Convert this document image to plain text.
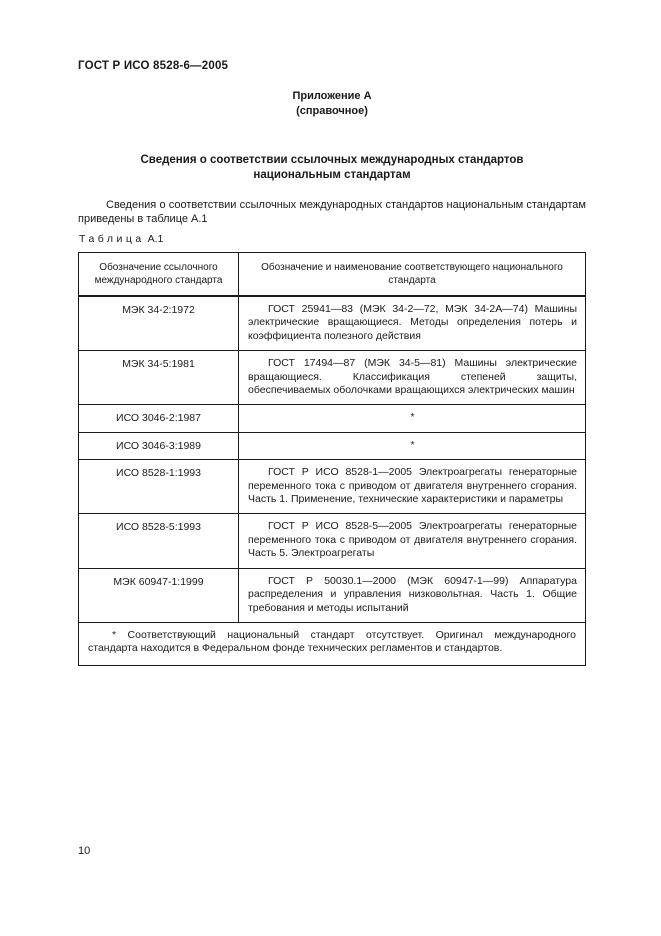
ГОСТ Р ИСО 8528-6—2005
Приложение А
(справочное)
Сведения о соответствии ссылочных международных стандартов
национальным стандартам

Сведения о соответствии ссылочных международных стандартов национальным стандартам приведены в таблице А.1

Таблица А.1
Обозначение ссылочного международного стандарта	Обозначение и наименование соответствующего национального стандарта
МЭК 34-2:1972	ГОСТ 25941—83 (МЭК 34-2—72, МЭК 34-2А—74) Машины электрические вращающиеся. Методы определения потерь и коэффициента полезного действия
МЭК 34-5:1981	ГОСТ 17494—87 (МЭК 34-5—81) Машины электрические вращающиеся. Классификация степеней защиты, обеспечиваемых оболочками вращающихся электрических машин
ИСО 3046-2:1987	*
ИСО 3046-3:1989	*
ИСО 8528-1:1993	ГОСТ Р ИСО 8528-1—2005 Электроагрегаты генераторные переменного тока с приводом от двигателя внутреннего сгорания. Часть 1. Применение, технические характеристики и параметры
ИСО 8528-5:1993	ГОСТ Р ИСО 8528-5—2005 Электроагрегаты генераторные переменного тока с приводом от двигателя внутреннего сгорания. Часть 5. Электроагрегаты
МЭК 60947-1:1999	ГОСТ Р 50030.1—2000 (МЭК 60947-1—99) Аппаратура распределения и управления низковольтная. Часть 1. Общие требования и методы испытаний
* Соответствующий национальный стандарт отсутствует. Оригинал международного стандарта находится в Федеральном фонде технических регламентов и стандартов.	
10
